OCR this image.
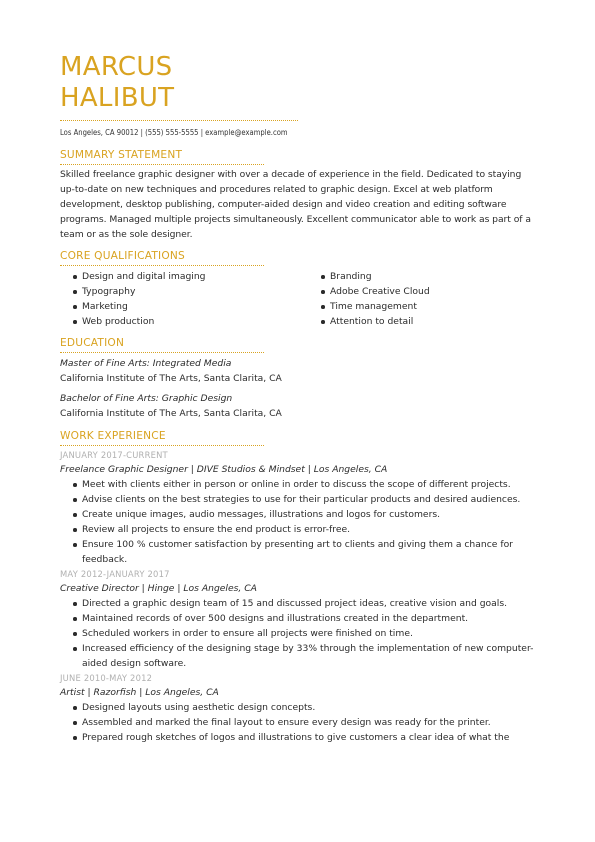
MARCUS

HALIBUT

Los Angeles, CA 90012 | (555) 555-5555 | example@example.com

SUMMARY STATEMENT

Skilled freelance graphic designer with over a decade of experience in the field. Dedicated to staying up-to-date on new techniques and procedures related to graphic design. Excel at web platform development, desktop publishing, computer-aided design and video creation and editing software programs. Managed multiple projects simultaneously. Excellent communicator able to work as part of a team or as the sole designer.

CORE QUALIFICATIONS

Design and digital imaging
Typography
Marketing
Web production
Branding
Adobe Creative Cloud
Time management
Attention to detail

EDUCATION

Master of Fine Arts: Integrated Media

California Institute of The Arts, Santa Clarita, CA

Bachelor of Fine Arts: Graphic Design

California Institute of The Arts, Santa Clarita, CA

WORK EXPERIENCE

JANUARY 2017-CURRENT

Freelance Graphic Designer | DIVE Studios & Mindset | Los Angeles, CA

Meet with clients either in person or online in order to discuss the scope of different projects.
Advise clients on the best strategies to use for their particular products and desired audiences.
Create unique images, audio messages, illustrations and logos for customers.
Review all projects to ensure the end product is error-free.
Ensure 100 % customer satisfaction by presenting art to clients and giving them a chance for feedback.

MAY 2012-JANUARY 2017

Creative Director | Hinge | Los Angeles, CA

Directed a graphic design team of 15 and discussed project ideas, creative vision and goals.
Maintained records of over 500 designs and illustrations created in the department.
Scheduled workers in order to ensure all projects were finished on time.
Increased efficiency of the designing stage by 33% through the implementation of new computer-aided design software.

JUNE 2010-MAY 2012

Artist | Razorfish | Los Angeles, CA

Designed layouts using aesthetic design concepts.
Assembled and marked the final layout to ensure every design was ready for the printer.
Prepared rough sketches of logos and illustrations to give customers a clear idea of what the
